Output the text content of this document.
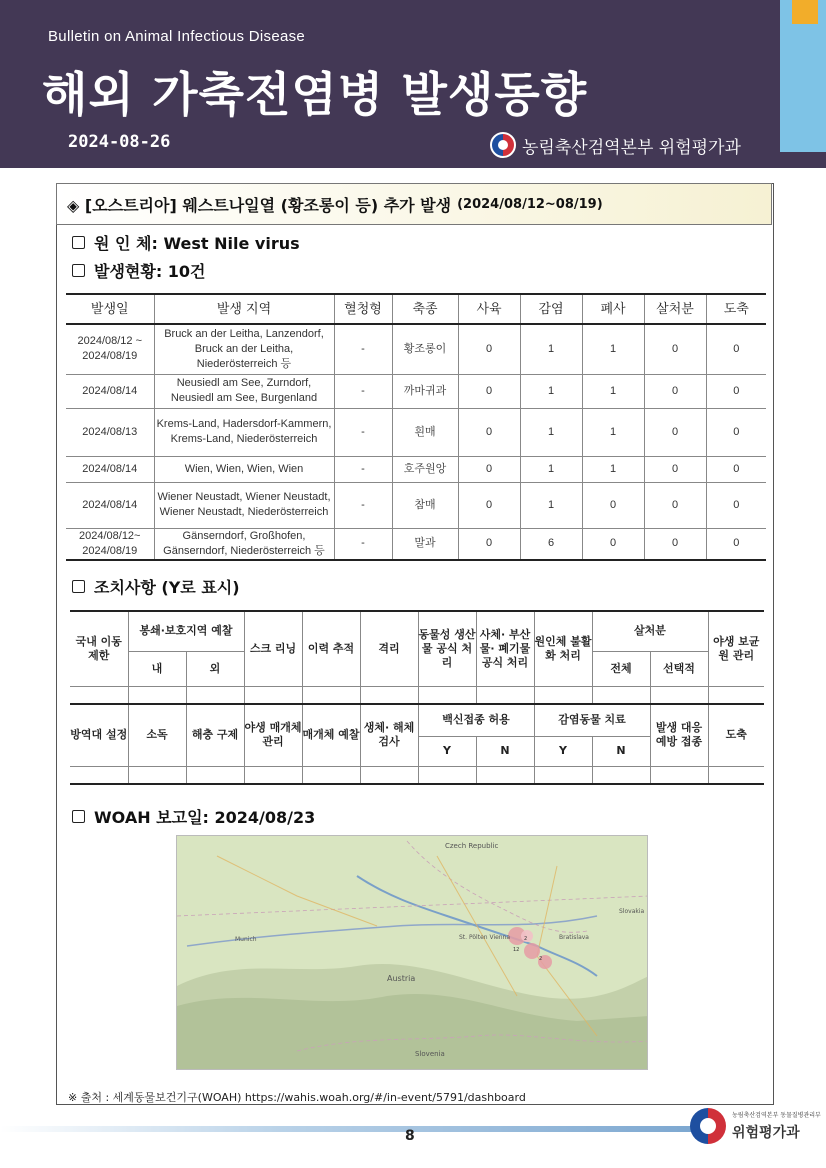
Bulletin on Animal Infectious Disease
해외 가축전염병 발생동향
2024-08-26	농림축산검역본부 위험평가과
◈ [오스트리아] 웨스트나일열 (황조롱이 등) 추가 발생 (2024/08/12~08/19)
원 인 체: West Nile virus
발생현황: 10건
발생일	발생 지역	혈청형	축종	사육	감염	폐사	살처분	도축
2024/08/12 ~ 2024/08/19	Bruck an der Leitha, Lanzendorf, Bruck an der Leitha, Niederösterreich 등	-	황조롱이	0	1	1	0	0
2024/08/14	Neusiedl am See, Zurndorf, Neusiedl am See, Burgenland	-	까마귀과	0	1	1	0	0
2024/08/13	Krems-Land, Hadersdorf-Kammern, Krems-Land, Niederösterreich	-	흰매	0	1	1	0	0
2024/08/14	Wien, Wien, Wien, Wien	-	호주원앙	0	1	1	0	0
2024/08/14	Wiener Neustadt, Wiener Neustadt, Wiener Neustadt, Niederösterreich	-	참매	0	1	0	0	0
2024/08/12~ 2024/08/19	Gänserndorf, Großhofen, Gänserndorf, Niederösterreich 등	-	말과	0	6	0	0	0
조치사항 (Y로 표시)
국내 이동 제한	봉쇄·보호지역 예찰		스크 리닝	이력 추적	격리	동물성 생산물 공식 처리	사체· 부산물· 폐기물 공식 처리	원인체 불활화 처리	살처분		야생 보균원 관리
	내	외							전체	선택적	

방역대 설정	소독	해충 구제	야생 매개체 관리	매개체 예찰	생체· 해체 검사	백신접종 허용		감염동물 치료		발생 대응 예방 접종	도축
						Y	N	Y	N		

WOAH 보고일: 2024/08/23
Czech Republic
Austria
Slovenia
Bratislava
Munich	St. Pölten Vienna
Slovakia
2
12
2
※ 출처 : 세계동물보건기구(WOAH) https://wahis.woah.org/#/in-event/5791/dashboard
8
농림축산검역본부 동물질병관리부
위험평가과
